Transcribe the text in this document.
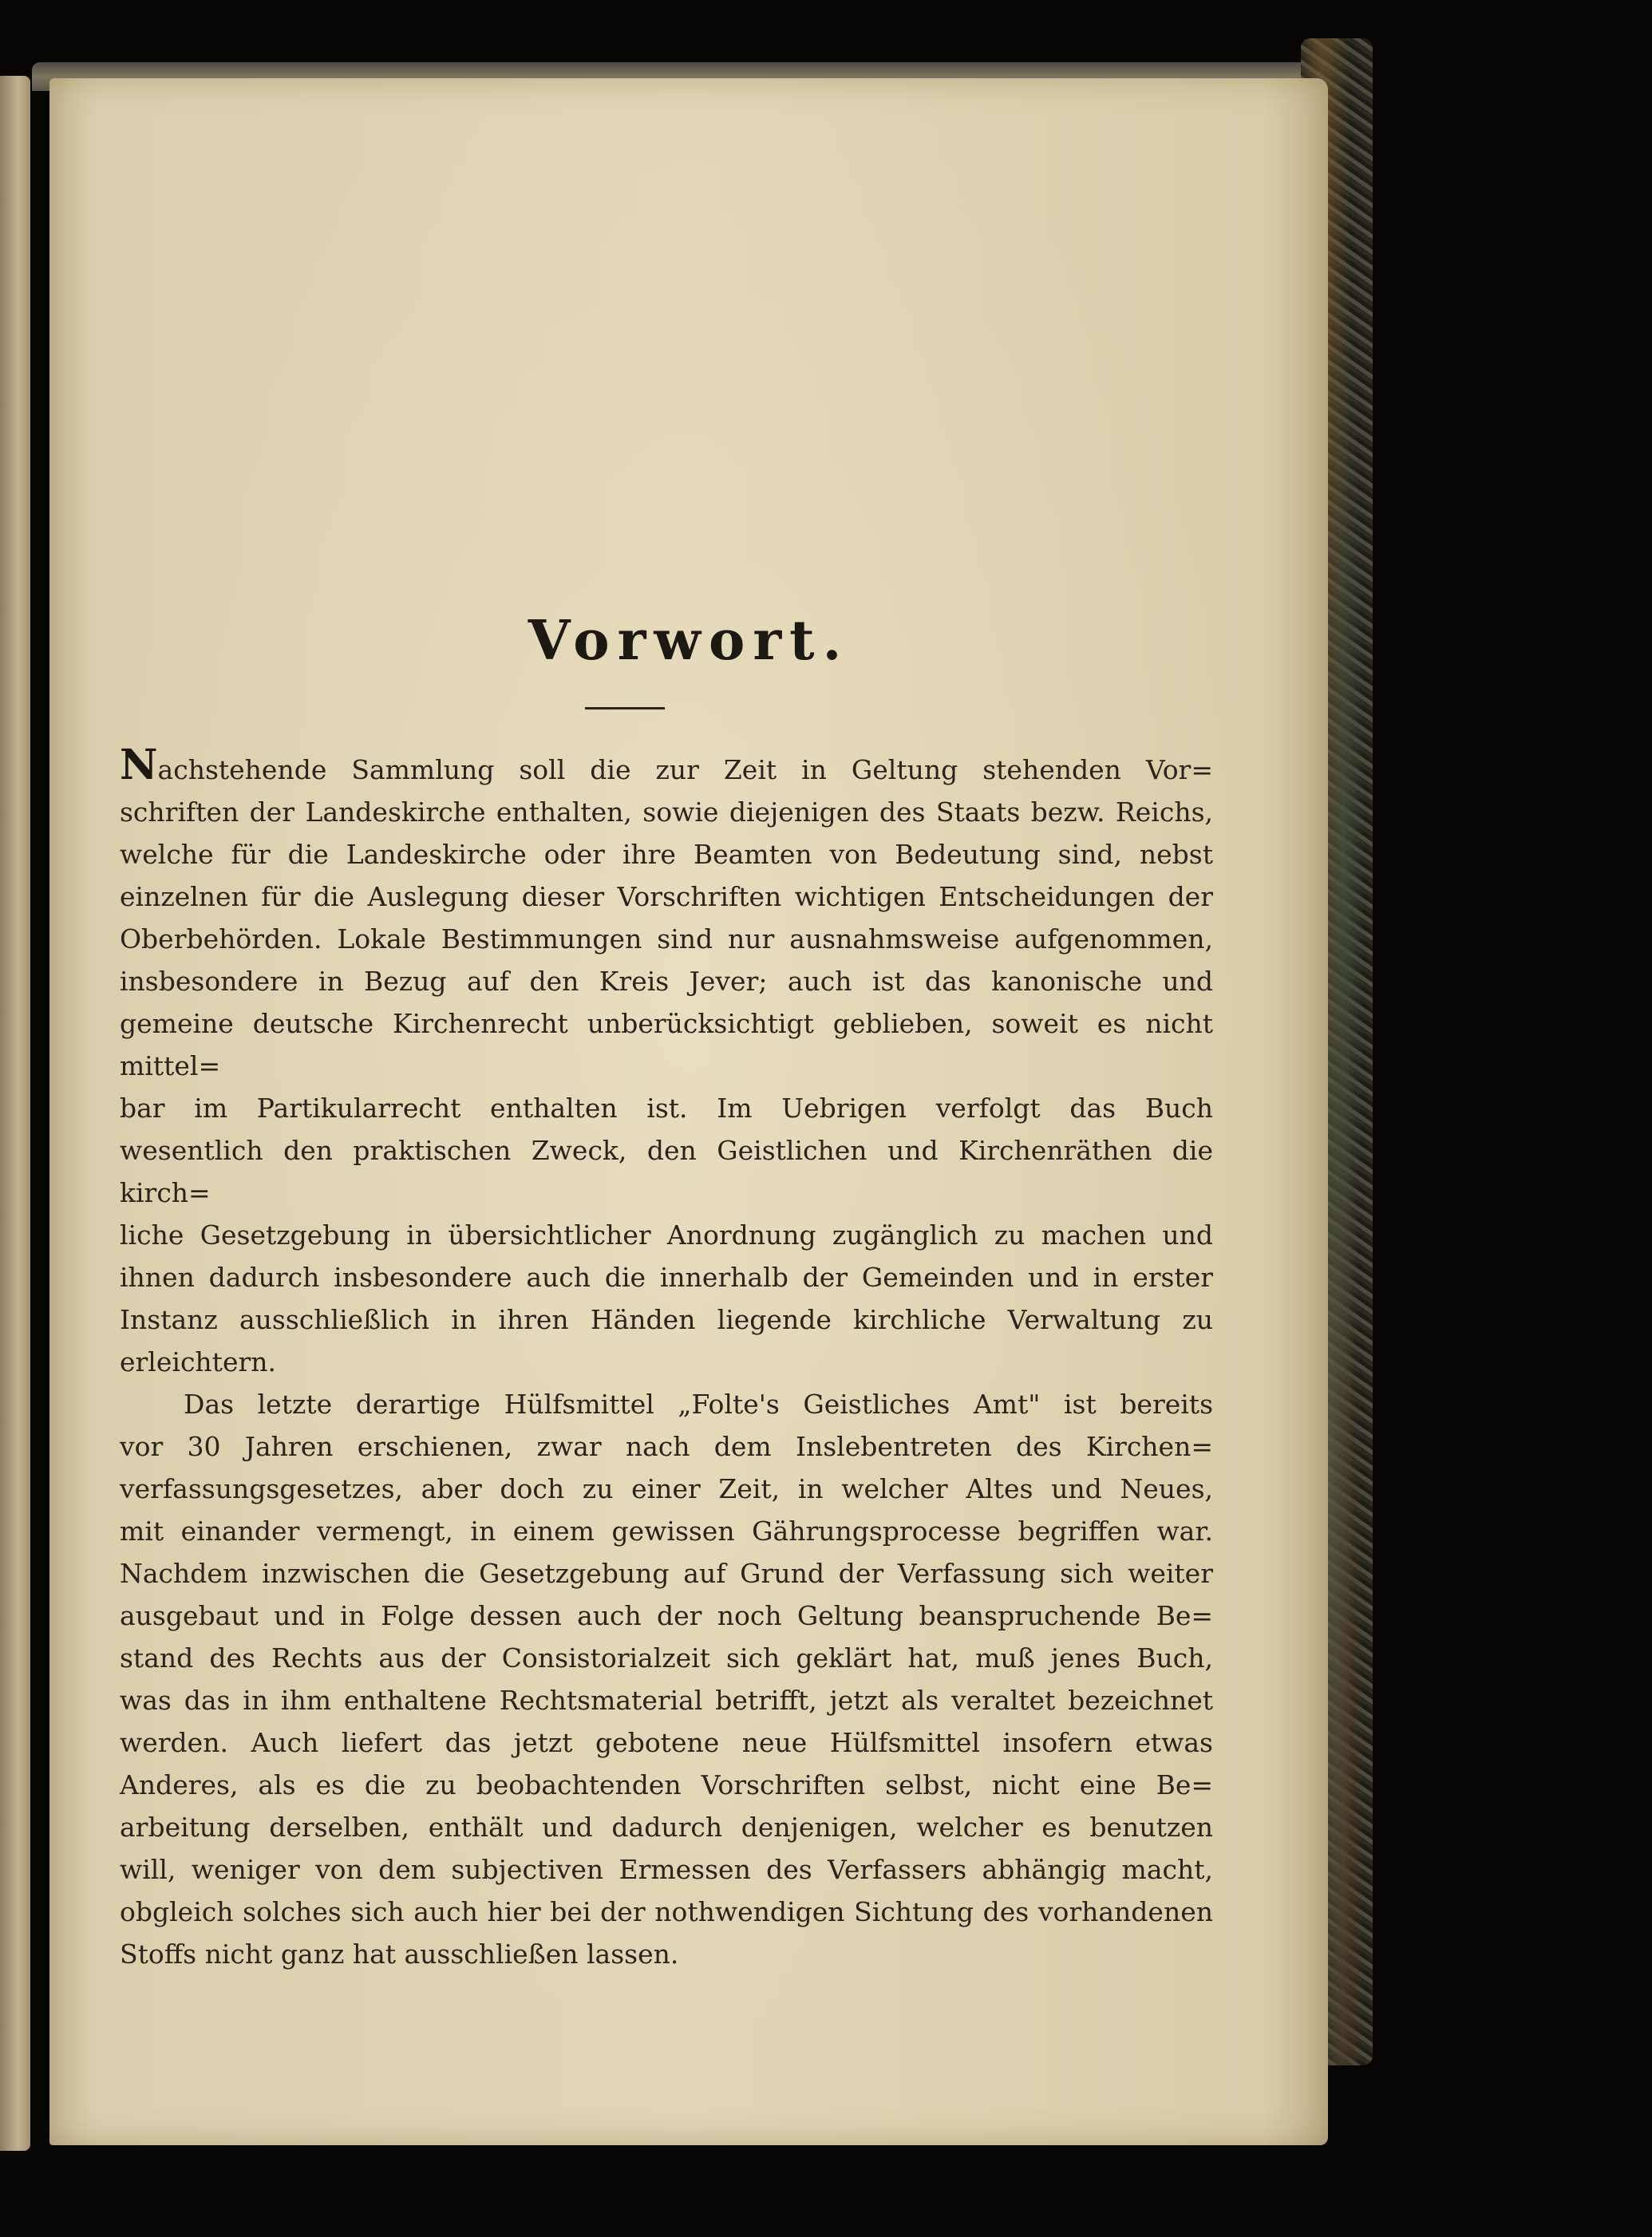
Vorwort.
Nachstehende Sammlung soll die zur Zeit in Geltung stehenden Vor=
schriften der Landeskirche enthalten, sowie diejenigen des Staats bezw. Reichs,
welche für die Landeskirche oder ihre Beamten von Bedeutung sind, nebst
einzelnen für die Auslegung dieser Vorschriften wichtigen Entscheidungen der
Oberbehörden. Lokale Bestimmungen sind nur ausnahmsweise aufgenommen,
insbesondere in Bezug auf den Kreis Jever; auch ist das kanonische und
gemeine deutsche Kirchenrecht unberücksichtigt geblieben, soweit es nicht mittel=
bar im Partikularrecht enthalten ist. Im Uebrigen verfolgt das Buch
wesentlich den praktischen Zweck, den Geistlichen und Kirchenräthen die kirch=
liche Gesetzgebung in übersichtlicher Anordnung zugänglich zu machen und
ihnen dadurch insbesondere auch die innerhalb der Gemeinden und in erster
Instanz ausschließlich in ihren Händen liegende kirchliche Verwaltung zu
erleichtern.
Das letzte derartige Hülfsmittel „Folte's Geistliches Amt" ist bereits
vor 30 Jahren erschienen, zwar nach dem Inslebentreten des Kirchen=
verfassungsgesetzes, aber doch zu einer Zeit, in welcher Altes und Neues,
mit einander vermengt, in einem gewissen Gährungsprocesse begriffen war.
Nachdem inzwischen die Gesetzgebung auf Grund der Verfassung sich weiter
ausgebaut und in Folge dessen auch der noch Geltung beanspruchende Be=
stand des Rechts aus der Consistorialzeit sich geklärt hat, muß jenes Buch,
was das in ihm enthaltene Rechtsmaterial betrifft, jetzt als veraltet bezeichnet
werden. Auch liefert das jetzt gebotene neue Hülfsmittel insofern etwas
Anderes, als es die zu beobachtenden Vorschriften selbst, nicht eine Be=
arbeitung derselben, enthält und dadurch denjenigen, welcher es benutzen
will, weniger von dem subjectiven Ermessen des Verfassers abhängig macht,
obgleich solches sich auch hier bei der nothwendigen Sichtung des vorhandenen
Stoffs nicht ganz hat ausschließen lassen.
